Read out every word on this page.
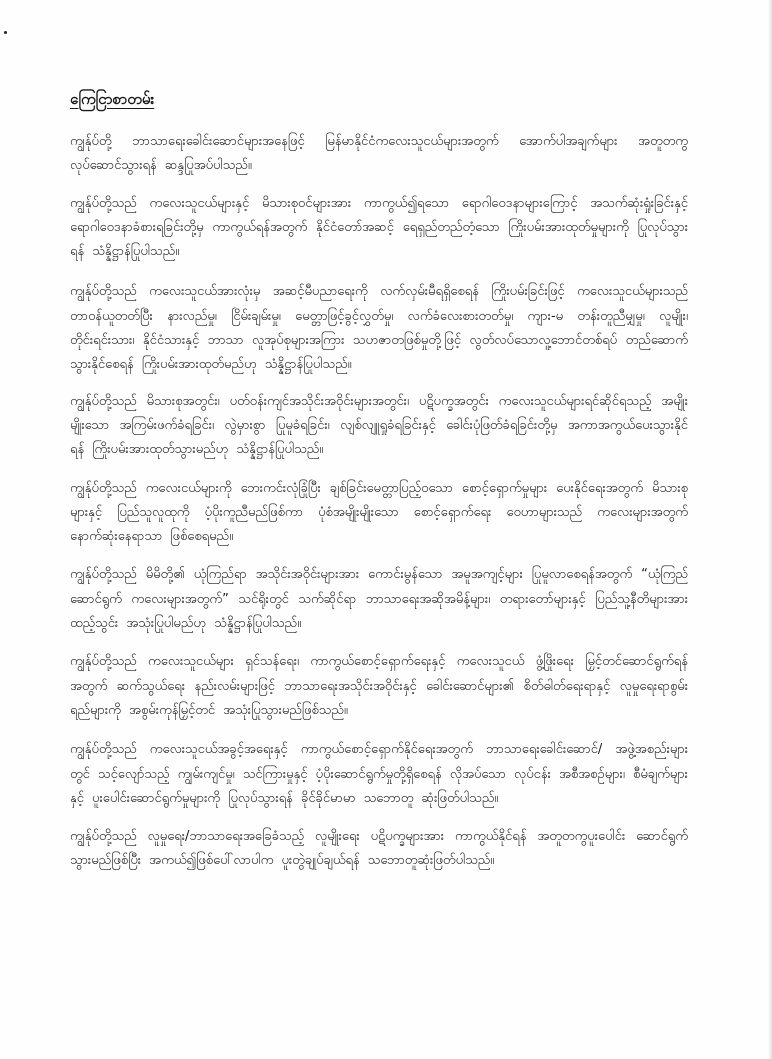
ကြေငြာစာတမ်း

ကျွန်ုပ်တို့ ဘာသာရေးခေါင်းဆောင်များအနေဖြင့် မြန်မာနိုင်ငံကလေးသူငယ်များအတွက် အောက်ပါအချက်များ အတူတကွ လုပ်ဆောင်သွားရန် ဆန္ဒပြုအပ်ပါသည်။

ကျွန်ုပ်တို့သည် ကလေးသူငယ်များနှင့် မိသားစုဝင်များအား ကာကွယ်၍ရသော ရောဂါဝေဒနာများကြောင့် အသက်ဆုံးရှုံးခြင်းနှင့် ရောဂါဝေဒနာခံစားရခြင်းတို့မှ ကာကွယ်ရန်အတွက် နိုင်ငံတော်အဆင့် ရေရှည်တည်တံ့သော ကြိုးပမ်းအားထုတ်မှုများကို ပြုလုပ်သွားရန် သံန္နိဋ္ဌာန်ပြုပါသည်။

ကျွန်ုပ်တို့သည် ကလေးသူငယ်အားလုံးမှ အဆင့်မီပညာရေးကို လက်လှမ်းမီရရှိစေရန် ကြိုးပမ်းခြင်းဖြင့် ကလေးသူငယ်များသည် တာဝန်ယူတတ်ပြီး နားလည်မှု၊ ငြိမ်းချမ်းမှု၊ မေတ္တာဖြင့်ခွင့်လွှတ်မှု၊ လက်ခံလေးစားတတ်မှု၊ ကျား-မ တန်းတူညီမျှမှု၊ လူမျိုး၊ တိုင်းရင်းသား၊ နိုင်ငံသားနှင့် ဘာသာ လူအုပ်စုများအကြား သဟဇာတဖြစ်မှုတို့ဖြင့် လွတ်လပ်သောလူ့ဘောင်တစ်ရပ် တည်ဆောက်သွားနိုင်စေရန် ကြိုးပမ်းအားထုတ်မည်ဟု သံန္နိဋ္ဌာန်ပြုပါသည်။

ကျွန်ုပ်တို့သည် မိသားစုအတွင်း၊ ပတ်ဝန်းကျင်အသိုင်းအဝိုင်းများအတွင်း၊ ပဋိပက္ခအတွင်း ကလေးသူငယ်များရင်ဆိုင်ရသည့် အမျိုးမျိုးသော အကြမ်းဖက်ခံရခြင်း၊ လွဲမှားစွာ ပြုမူခံရခြင်း၊ လျစ်လျူရှုခံရခြင်းနှင့် ခေါင်းပုံဖြတ်ခံရခြင်းတို့မှ အကာအကွယ်ပေးသွားနိုင်ရန် ကြိုးပမ်းအားထုတ်သွားမည်ဟု သံန္နိဋ္ဌာန်ပြုပါသည်။

ကျွန်ုပ်တို့သည် ကလေးငယ်များကို ဘေးကင်းလုံခြုံပြီး ချစ်ခြင်းမေတ္တာပြည့်ဝသော စောင့်ရှောက်မှုများ ပေးနိုင်ရေးအတွက် မိသားစုများနှင့် ပြည်သူလူထုကို ပံ့ပိုးကူညီမည်ဖြစ်ကာ ပုံစံအမျိုးမျိုးသော စောင့်ရှောက်ရေး ဝေဟာများသည် ကလေးများအတွက် နောက်ဆုံးနေရာသာ ဖြစ်စေရမည်။

ကျွန်ုပ်တို့သည် မိမိတို့၏ ယုံကြည်ရာ အသိုင်းအဝိုင်းများအား ကောင်းမွန်သော အမူအကျင့်များ ပြုမူလာစေရန်အတွက် “ယုံကြည်ဆောင်ရွက် ကလေးများအတွက်” သင်ရိုးတွင် သက်ဆိုင်ရာ ဘာသာရေးအဆိုအမိန့်များ၊ တရားတော်များနှင့် ပြည်သူ့နီတိများအား ထည့်သွင်း အသုံးပြုပါမည်ဟု သံန္နိဋ္ဌာန်ပြုပါသည်။

ကျွန်ုပ်တို့သည် ကလေးသူငယ်များ ရှင်သန်ရေး၊ ကာကွယ်စောင့်ရှောက်ရေးနှင့် ကလေးသူငယ် ဖွံ့ဖြိုးရေး မြှင့်တင်ဆောင်ရွက်ရန်အတွက် ဆက်သွယ်ရေး နည်းလမ်းများဖြင့် ဘာသာရေးအသိုင်းအဝိုင်းနှင့် ခေါင်းဆောင်များ၏ စိတ်ဓါတ်ရေးရာနှင့် လူမှုရေးရာစွမ်းရည်များကို အစွမ်းကုန်မြှင့်တင် အသုံးပြုသွားမည်ဖြစ်သည်။

ကျွန်ုပ်တို့သည် ကလေးသူငယ်အခွင့်အရေးနှင့် ကာကွယ်စောင့်ရှောက်နိုင်ရေးအတွက် ဘာသာရေးခေါင်းဆောင်/ အဖွဲ့အစည်းများတွင် သင့်လျော်သည့် ကျွမ်းကျင်မှု၊ သင်ကြားမှုနှင့် ပံ့ပိုးဆောင်ရွက်မှုတို့ရှိစေရန် လိုအပ်သော လုပ်ငန်း အစီအစဉ်များ၊ စီမံချက်များနှင့် ပူးပေါင်းဆောင်ရွက်မှုများကို ပြုလုပ်သွားရန် ခိုင်ခိုင်မာမာ သဘောတူ ဆုံးဖြတ်ပါသည်။

ကျွန်ုပ်တို့သည် လူမှုရေး/ဘာသာရေးအခြေခံသည့် လူမျိုးရေး ပဋိပက္ခများအား ကာကွယ်နိုင်ရန် အတူတကွပူးပေါင်း ဆောင်ရွက်သွားမည်ဖြစ်ပြီး အကယ်၍ဖြစ်ပေါ်လာပါက ပူးတွဲချုပ်ချယ်ရန် သဘောတူဆုံးဖြတ်ပါသည်။
